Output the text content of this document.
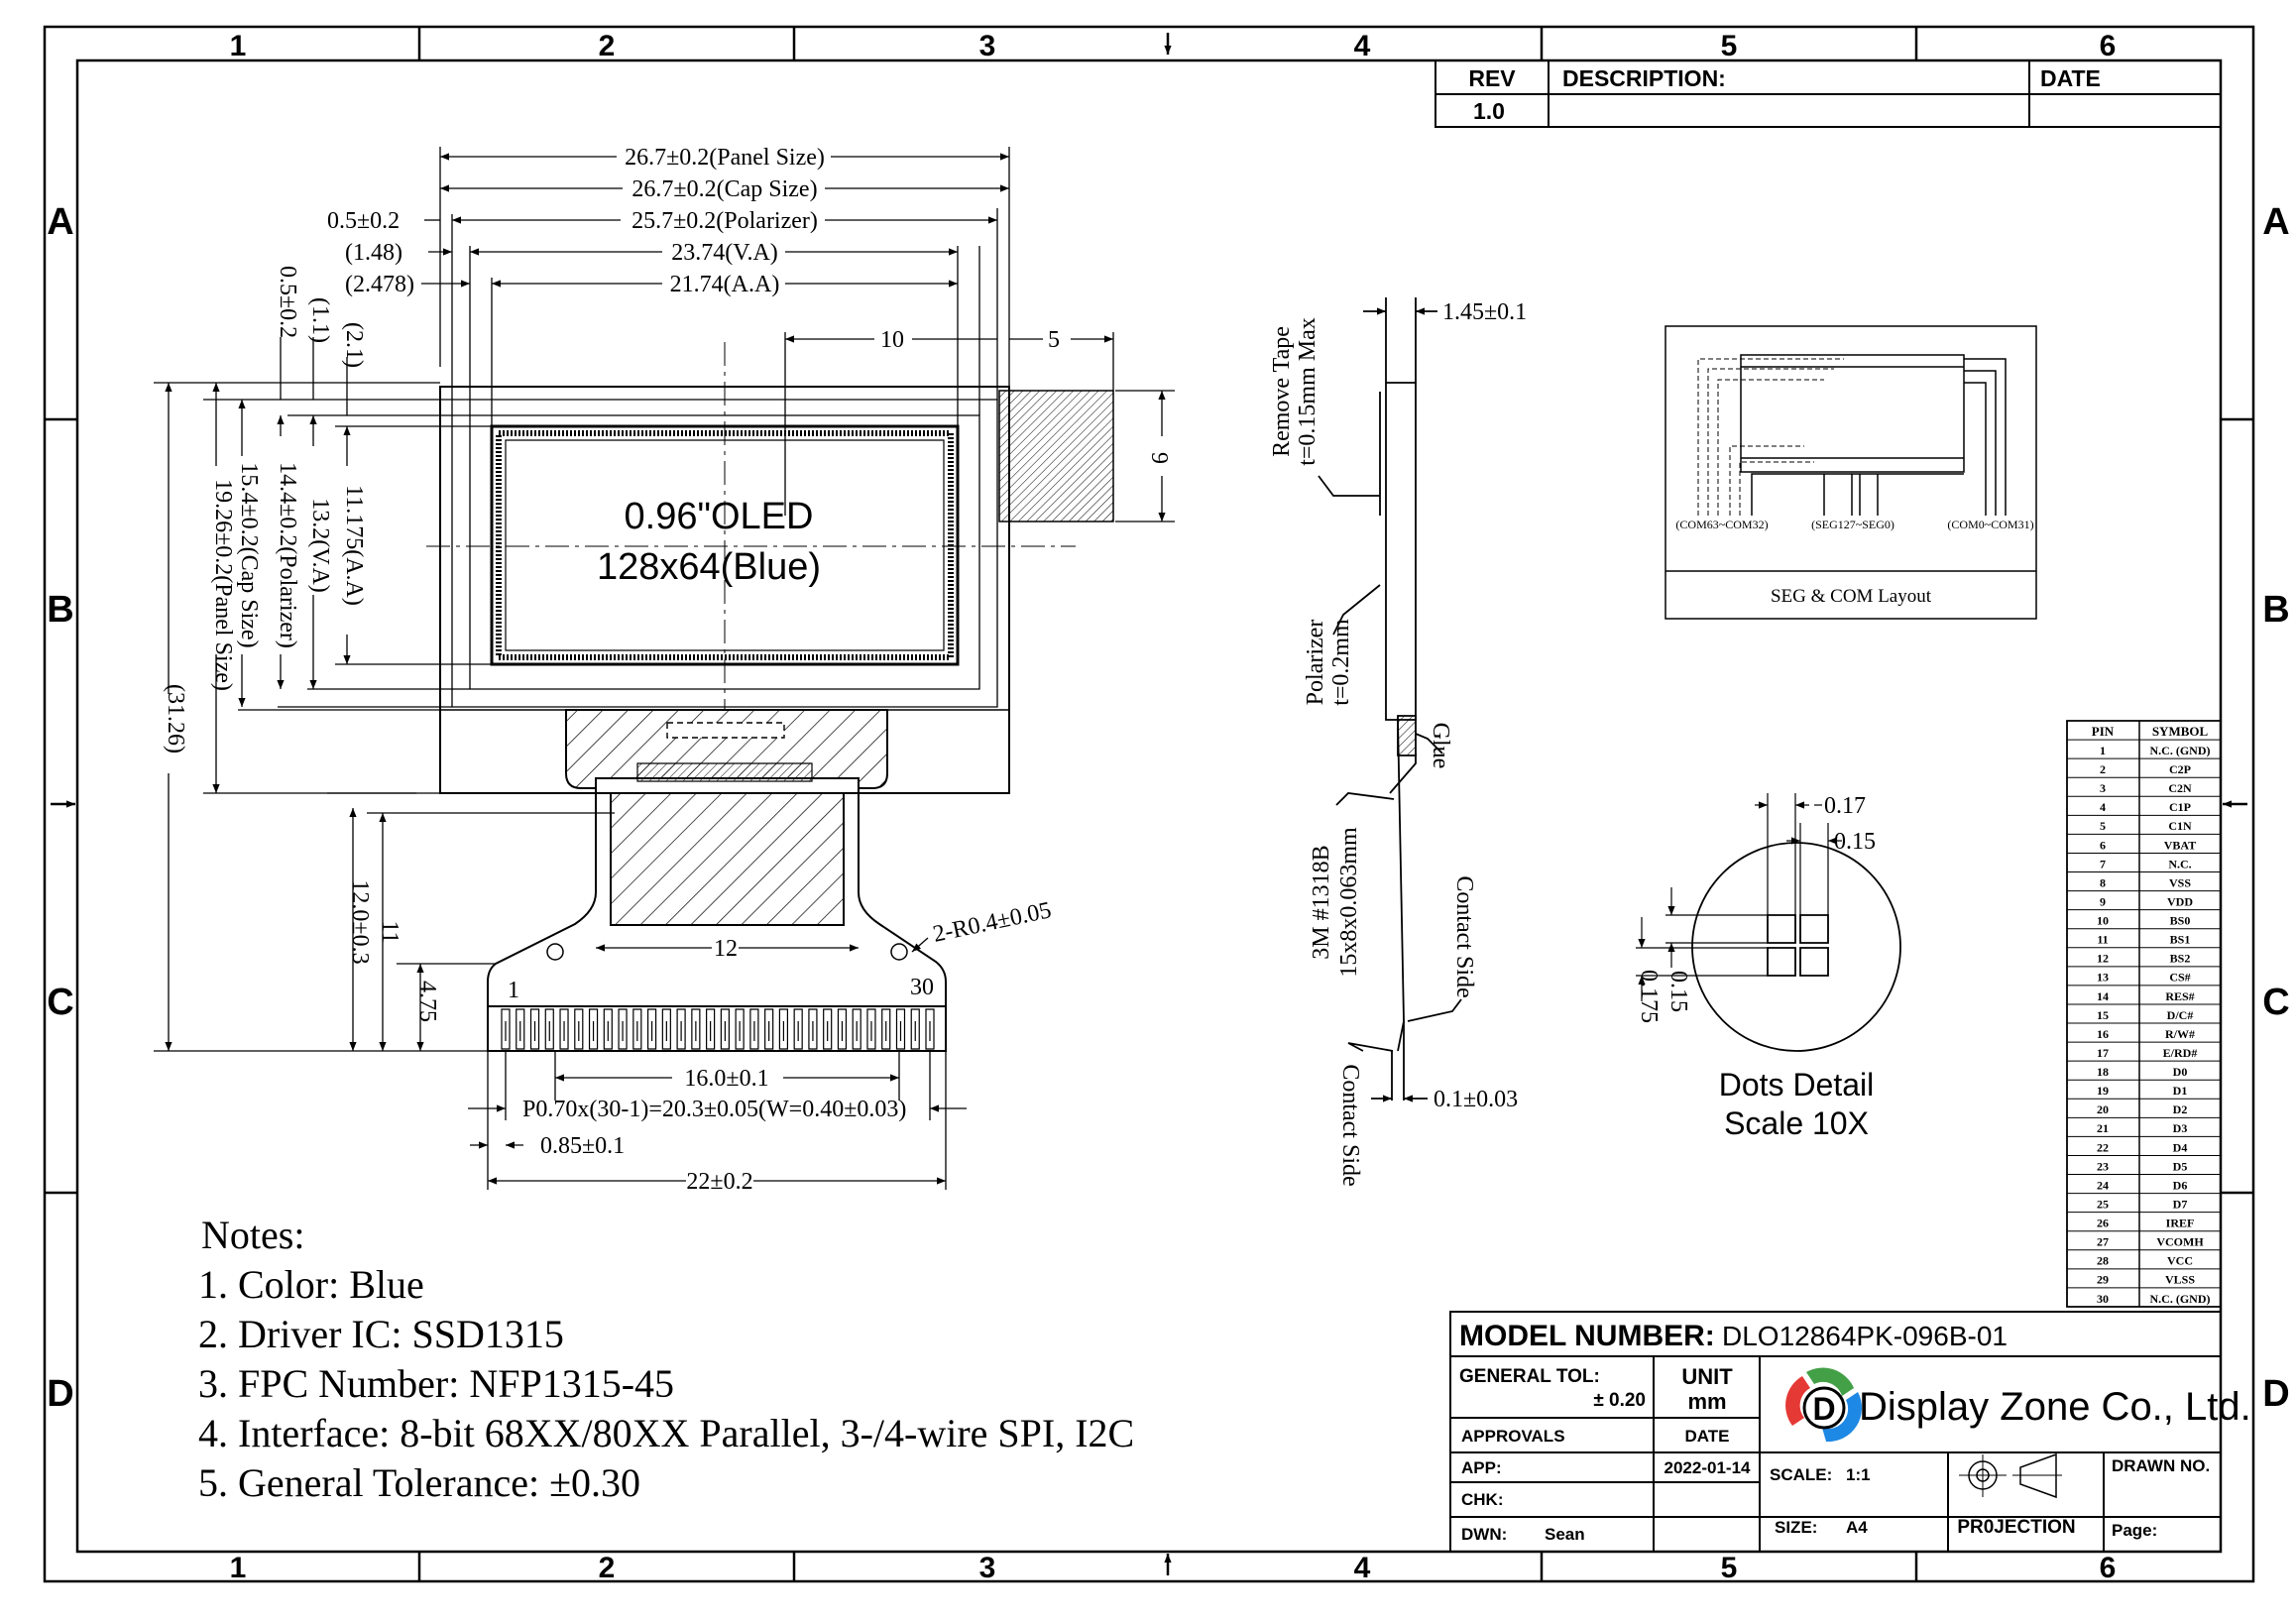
1	2	3	4	5	6
1	2	3	4	5	6
A
B
C
D
A
B
C
D
REV DESCRIPTION:	DATE
1.0
0.96"OLED
128x64(Blue)
26.7±0.2(Panel Size)
26.7±0.2(Cap Size)
25.7±0.2(Polarizer)
23.74(V.A)
21.74(A.A)
0.5±0.2
(1.48)
(2.478)
10	5
9
0.5±0.2 (1.1)
(2.1)
11.175(A.A)
13.2(V.A)
14.4±0.2(Polarizer)
15.4±0.2(Cap Size)
19.26±0.2(Panel Size)
(31.26)
12.0±0.3 11
4.75
12
2-R0.4±0.05
1	30
16.0±0.1
P0.70x(30-1)=20.3±0.05(W=0.40±0.03)
0.85±0.1
22±0.2
1.45±0.1
Remove Tape t=0.15mm Max
Polarizer t=0.2mm
Glue
3M #1318B 15x8x0.063mm	Contact Side
Contact Side	0.1±0.03
(COM63~COM32)	(SEG127~SEG0)	(COM0~COM31)
SEG & COM Layout
0.17
0.15
0.15
0.175
Dots Detail
Scale 10X
PIN	SYMBOL
1	N.C. (GND)
2	C2P
3	C2N
4	C1P
5	C1N
6	VBAT
7	N.C.
8	VSS
9	VDD
10	BS0
11	BS1
12	BS2
13	CS#
14	RES#
15	D/C#
16	R/W#
17	E/RD#
18	D0
19	D1
20	D2
21	D3
22	D4
23	D5
24	D6
25	D7
26	IREF
27	VCOMH
28	VCC
29	VLSS
30	N.C. (GND)
Notes:
1. Color: Blue
2. Driver IC: SSD1315
3. FPC Number: NFP1315-45
4. Interface: 8-bit 68XX/80XX Parallel, 3-/4-wire SPI, I2C
5. General Tolerance: ±0.30
D
MODEL NUMBER: DLO12864PK-096B-01
GENERAL TOL:
± 0.20
UNIT
mm
APPROVALS	DATE
APP:	2022-01-14
CHK:
DWN: Sean
Display Zone Co., Ltd.
SCALE: 1:1
SIZE: A4	PR0JECTION
DRAWN NO.
Page:
